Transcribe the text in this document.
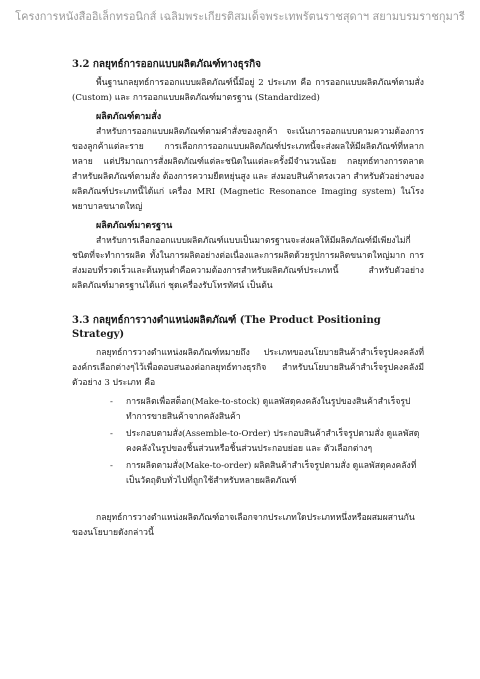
โครงการหนังสืออิเล็กทรอนิกส์ เฉลิมพระเกียรติสมเด็จพระเทพรัตนราชสุดาฯ สยามบรมราชกุมารี
3.2 กลยุทธ์การออกแบบผลิตภัณฑ์ทางธุรกิจ

พื้นฐานกลยุทธ์การออกแบบผลิตภัณฑ์นี้มีอยู่ 2 ประเภท คือ การออกแบบผลิตภัณฑ์ตามสั่ง (Custom) และ การออกแบบผลิตภัณฑ์มาตรฐาน (Standardized)

ผลิตภัณฑ์ตามสั่ง

สำหรับการออกแบบผลิตภัณฑ์ตามคำสั่งของลูกค้า จะเน้นการออกแบบตามความต้องการของลูกค้าแต่ละราย การเลือกการออกแบบผลิตภัณฑ์ประเภทนี้จะส่งผลให้มีผลิตภัณฑ์ที่หลากหลาย แต่ปริมาณการสั่งผลิตภัณฑ์แต่ละชนิดในแต่ละครั้งมีจำนวนน้อย กลยุทธ์ทางการตลาดสำหรับผลิตภัณฑ์ตามสั่ง ต้องการความยืดหยุ่นสูง และ ส่งมอบสินค้าตรงเวลา สำหรับตัวอย่างของผลิตภัณฑ์ประเภทนี้ได้แก่ เครื่อง MRI (Magnetic Resonance Imaging system) ในโรงพยาบาลขนาดใหญ่

ผลิตภัณฑ์มาตรฐาน

สำหรับการเลือกออกแบบผลิตภัณฑ์แบบเป็นมาตรฐานจะส่งผลให้มีผลิตภัณฑ์มีเพียงไม่กี่ชนิดที่จะทำการผลิต ทั้งในการผลิตอย่างต่อเนื่องและการผลิตด้วยรูปการผลิตขนาดใหญ่มาก การส่งมอบที่รวดเร็วและต้นทุนต่ำคือความต้องการสำหรับผลิตภัณฑ์ประเภทนี้ สำหรับตัวอย่างผลิตภัณฑ์มาตรฐานได้แก่ ชุดเครื่องรับโทรทัศน์ เป็นต้น

3.3 กลยุทธ์การวางตำแหน่งผลิตภัณฑ์ (The Product Positioning Strategy)

กลยุทธ์การวางตำแหน่งผลิตภัณฑ์หมายถึง ประเภทของนโยบายสินค้าสำเร็จรูปคงคลังที่องค์กรเลือกต่างๆไว้เพื่อตอบสนองต่อกลยุทธ์ทางธุรกิจ สำหรับนโยบายสินค้าสำเร็จรูปคงคลังมีตัวอย่าง 3 ประเภท คือ

- การผลิตเพื่อสต็อก(Make-to-stock) ดูแลพัสดุคงคลังในรูปของสินค้าสำเร็จรูป ทำการขายสินค้าจากคลังสินค้า
- ประกอบตามสั่ง(Assemble-to-Order) ประกอบสินค้าสำเร็จรูปตามสั่ง ดูแลพัสดุคงคลังในรูปของชิ้นส่วนหรือชิ้นส่วนประกอบย่อย และ ตัวเลือกต่างๆ
- การผลิตตามสั่ง(Make-to-order) ผลิตสินค้าสำเร็จรูปตามสั่ง ดูแลพัสดุคงคลังที่เป็นวัตถุดิบทั่วไปที่ถูกใช้สำหรับหลายผลิตภัณฑ์

กลยุทธ์การวางตำแหน่งผลิตภัณฑ์อาจเลือกจากประเภทใดประเภทหนึ่งหรือผสมผสานกันของนโยบายดังกล่าวนี้
